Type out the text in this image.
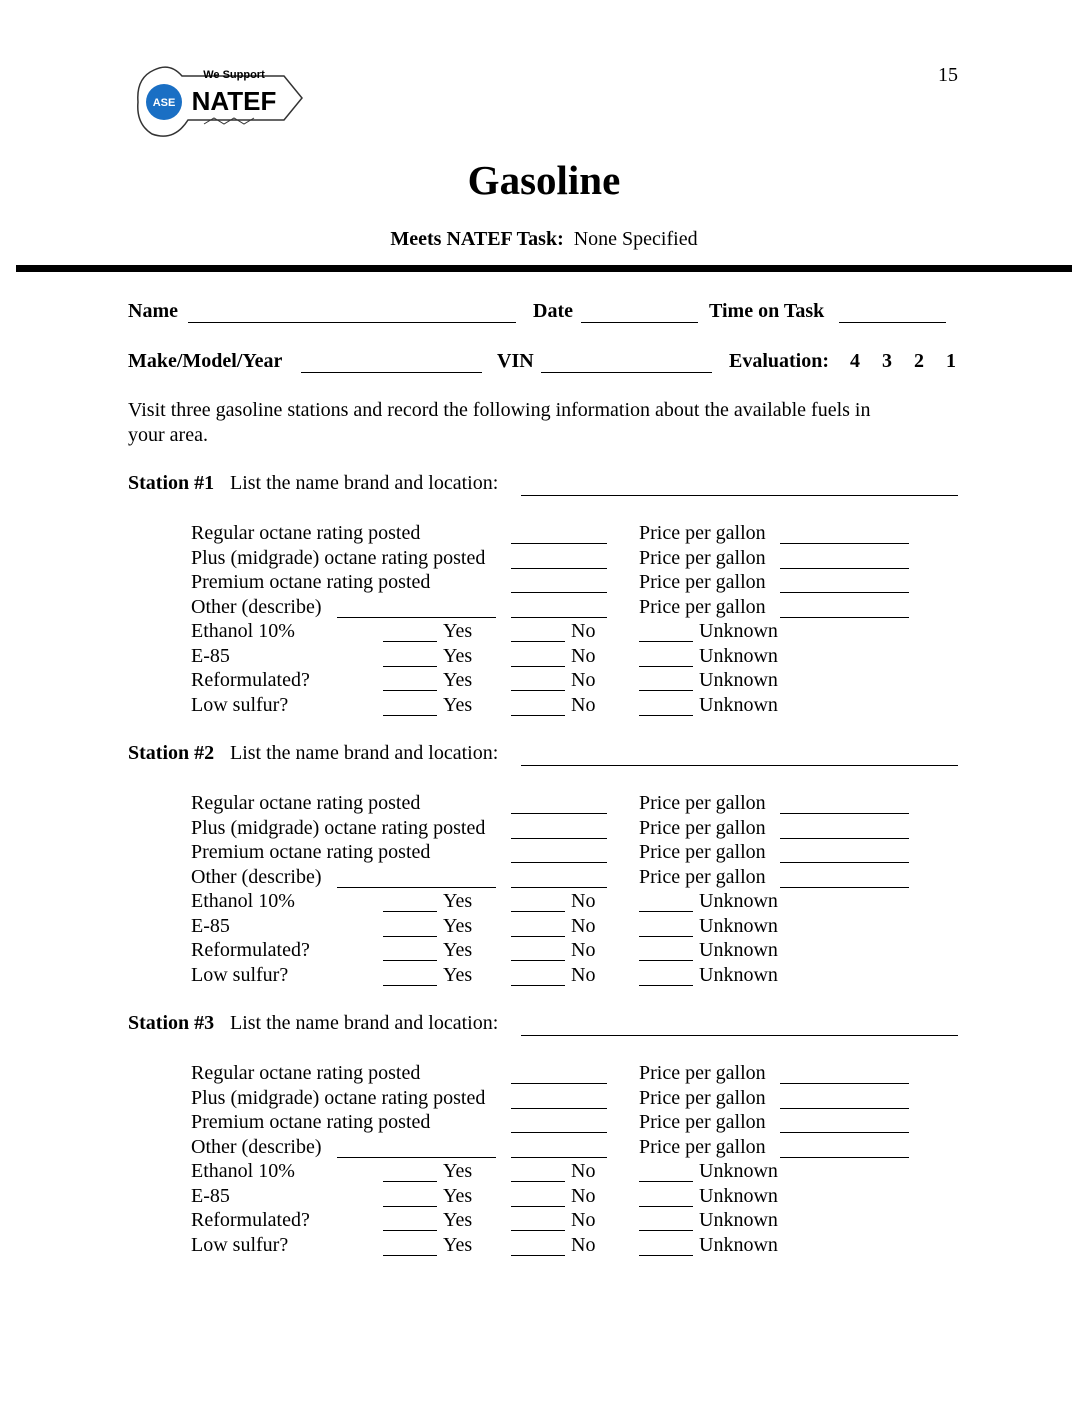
15
ASE
We Support
NATEF
Gasoline
Meets NATEF Task: None Specified
Name	Date	Time on Task
Make/Model/Year	VIN	Evaluation: 4 3 2 1
Visit three gasoline stations and record the following information about the available fuels in
your area.
Station #1 List the name brand and location:
Regular octane rating posted	Price per gallon
Plus (midgrade) octane rating posted	Price per gallon
Premium octane rating posted	Price per gallon
Other (describe)	Price per gallon
Ethanol 10%	Yes	No	Unknown
E-85	Yes	No	Unknown
Reformulated?	Yes	No	Unknown
Low sulfur?	Yes	No	Unknown
Station #2 List the name brand and location:
Regular octane rating posted	Price per gallon
Plus (midgrade) octane rating posted	Price per gallon
Premium octane rating posted	Price per gallon
Other (describe)	Price per gallon
Ethanol 10%	Yes	No	Unknown
E-85	Yes	No	Unknown
Reformulated?	Yes	No	Unknown
Low sulfur?	Yes	No	Unknown
Station #3 List the name brand and location:
Regular octane rating posted	Price per gallon
Plus (midgrade) octane rating posted	Price per gallon
Premium octane rating posted	Price per gallon
Other (describe)	Price per gallon
Ethanol 10%	Yes	No	Unknown
E-85	Yes	No	Unknown
Reformulated?	Yes	No	Unknown
Low sulfur?	Yes	No	Unknown
